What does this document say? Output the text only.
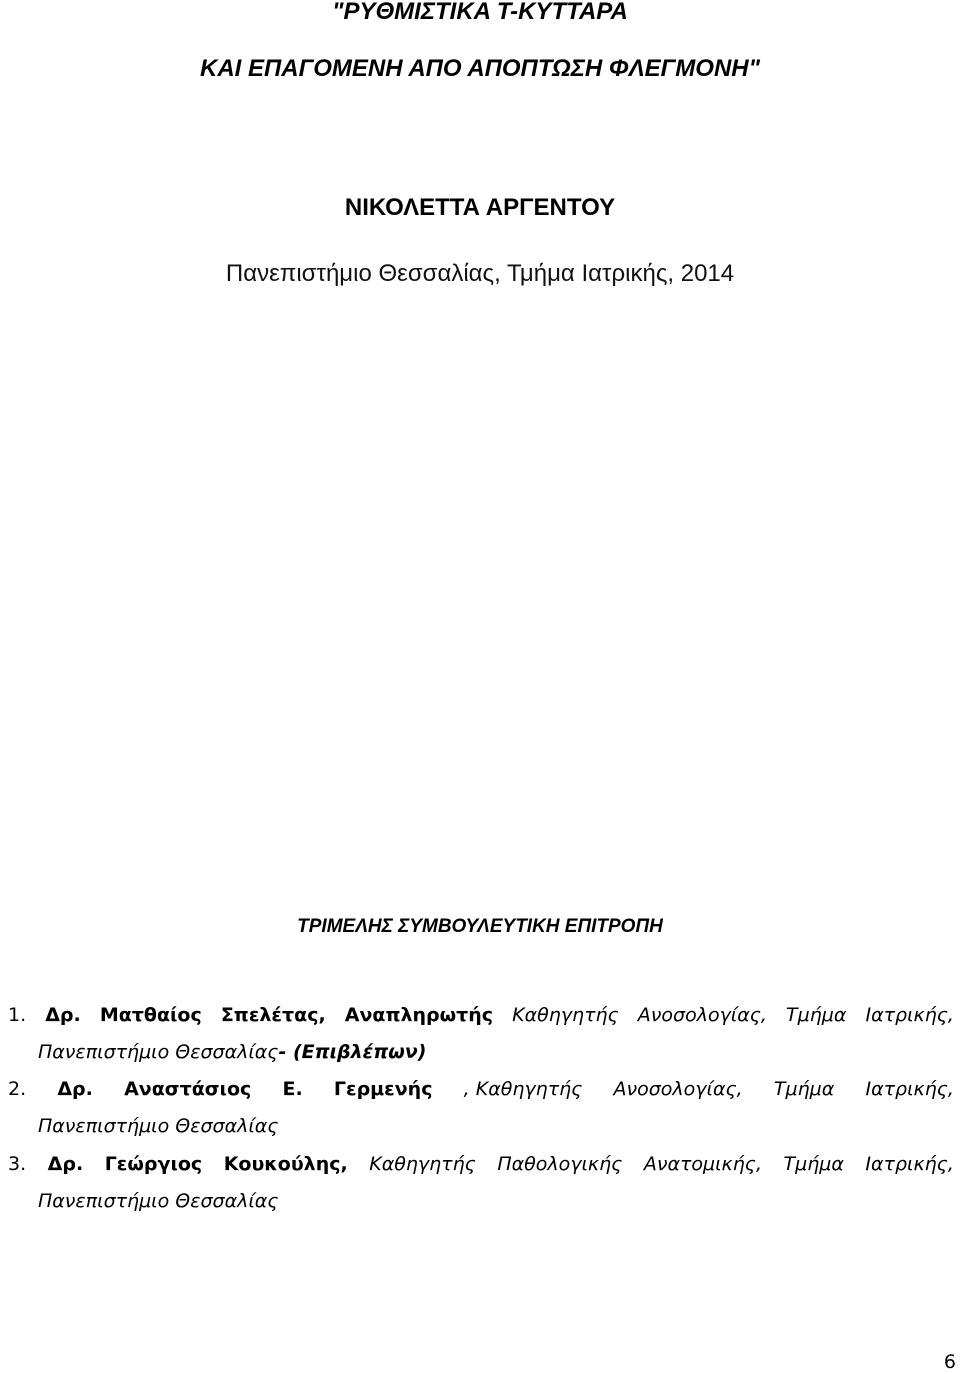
"ΡΥΘΜΙΣΤΙΚΑ Τ-ΚΥΤΤΑΡΑ
ΚΑΙ ΕΠΑΓΟΜΕΝΗ ΑΠΟ ΑΠΟΠΤΩΣΗ ΦΛΕΓΜΟΝΗ"
ΝΙΚΟΛΕΤΤΑ ΑΡΓΕΝΤΟΥ
Πανεπιστήμιο Θεσσαλίας, Τμήμα Ιατρικής, 2014
ΤΡΙΜΕΛΗΣ ΣΥΜΒΟΥΛΕΥΤΙΚΗ ΕΠΙΤΡΟΠΗ
1. Δρ. Ματθαίος Σπελέτας, Αναπληρωτής Καθηγητής Ανοσολογίας, Τμήμα Ιατρικής,
Πανεπιστήμιο Θεσσαλίας- (Επιβλέπων)
2. Δρ. Αναστάσιος Ε. Γερμενής , Καθηγητής Ανοσολογίας, Τμήμα Ιατρικής,
Πανεπιστήμιο Θεσσαλίας
3. Δρ. Γεώργιος Κουκούλης, Καθηγητής Παθολογικής Ανατομικής, Τμήμα Ιατρικής,
Πανεπιστήμιο Θεσσαλίας
6
